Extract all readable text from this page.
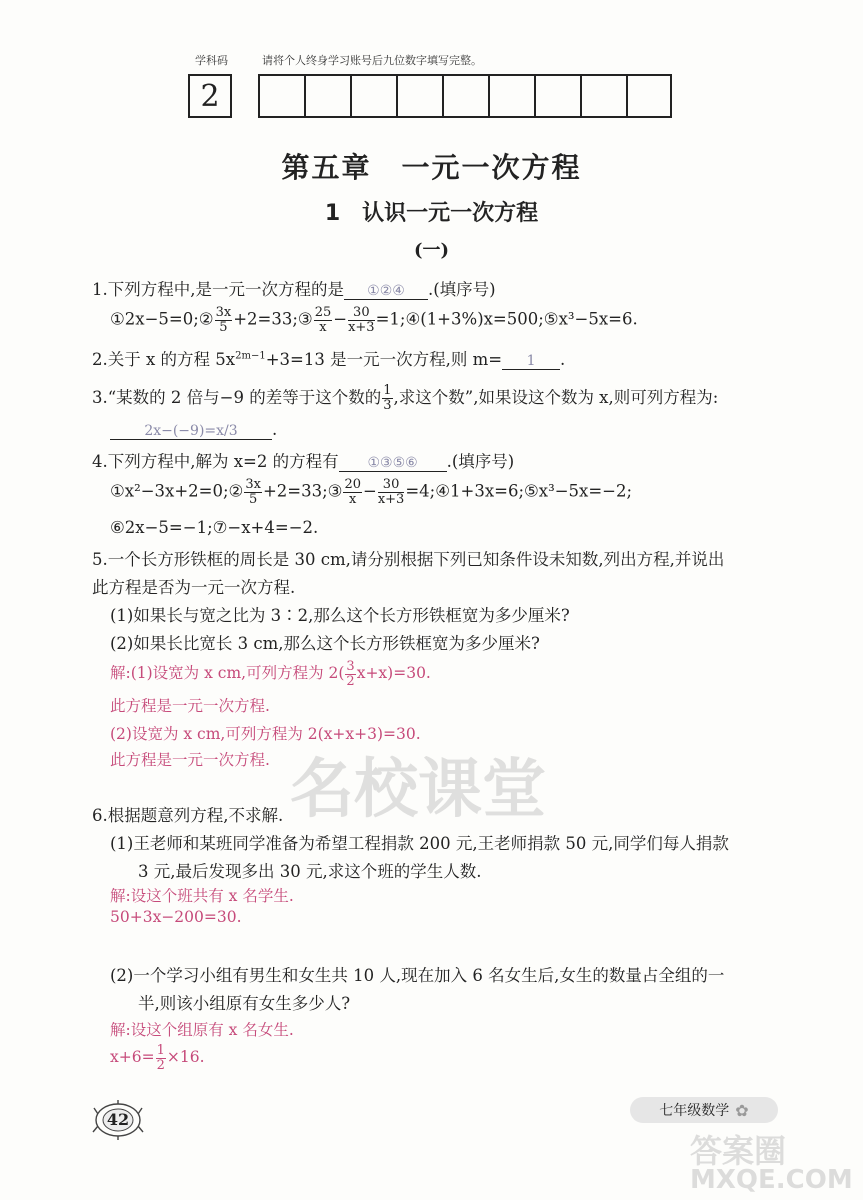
学科码	请将个人终身学习账号后九位数字填写完整。
2
第五章　一元一次方程
1　认识一元一次方程
(一)
1.下列方程中,是一元一次方程的是 ①②④ .(填序号)
①2x−5=0;② $\frac{3x}{5}$ +2=33;③ $\frac{25}{x} - \frac{30}{x+3}$ =1;④(1+3%)x=500;⑤x³−5x=6.
2.关于 x 的方程 $5x^{2m-1}+3=13$ 是一元一次方程,则 m= 1 .
3.“某数的 2 倍与−9 的差等于这个数的 $\frac{1}{3}$ ,求这个数”,如果设这个数为 x,则可列方程为:
2x−(−9)=x/3 .
4.下列方程中,解为 x=2 的方程有 ①③⑤⑥ .(填序号)
①x²−3x+2=0;② $\frac{3x}{5}$ +2=33;③ $\frac{20}{x} - \frac{30}{x+3}$ =4;④1+3x=6;⑤x³−5x=−2;
⑥2x−5=−1;⑦−x+4=−2.
5.一个长方形铁框的周长是 30 cm,请分别根据下列已知条件设未知数,列出方程,并说出
此方程是否为一元一次方程.
(1)如果长与宽之比为 3∶2,那么这个长方形铁框宽为多少厘米?
(2)如果长比宽长 3 cm,那么这个长方形铁框宽为多少厘米?
解:(1)设宽为 x cm,可列方程为 $2( \frac{3}{2} x+x)=30$.
此方程是一元一次方程.
(2)设宽为 x cm,可列方程为 2(x+x+3)=30.
此方程是一元一次方程.
6.根据题意列方程,不求解.
(1)王老师和某班同学准备为希望工程捐款 200 元,王老师捐款 50 元,同学们每人捐款
3 元,最后发现多出 30 元,求这个班的学生人数.
解:设这个班共有 x 名学生.
50+3x−200=30.
(2)一个学习小组有男生和女生共 10 人,现在加入 6 名女生后,女生的数量占全组的一
半,则该小组原有女生多少人?
解:设这个组原有 x 名女生.
$x+6= \frac{1}{2} \times 16$.
名校课堂
答案圈
MXQE.COM
42	七年级数学 ✿
